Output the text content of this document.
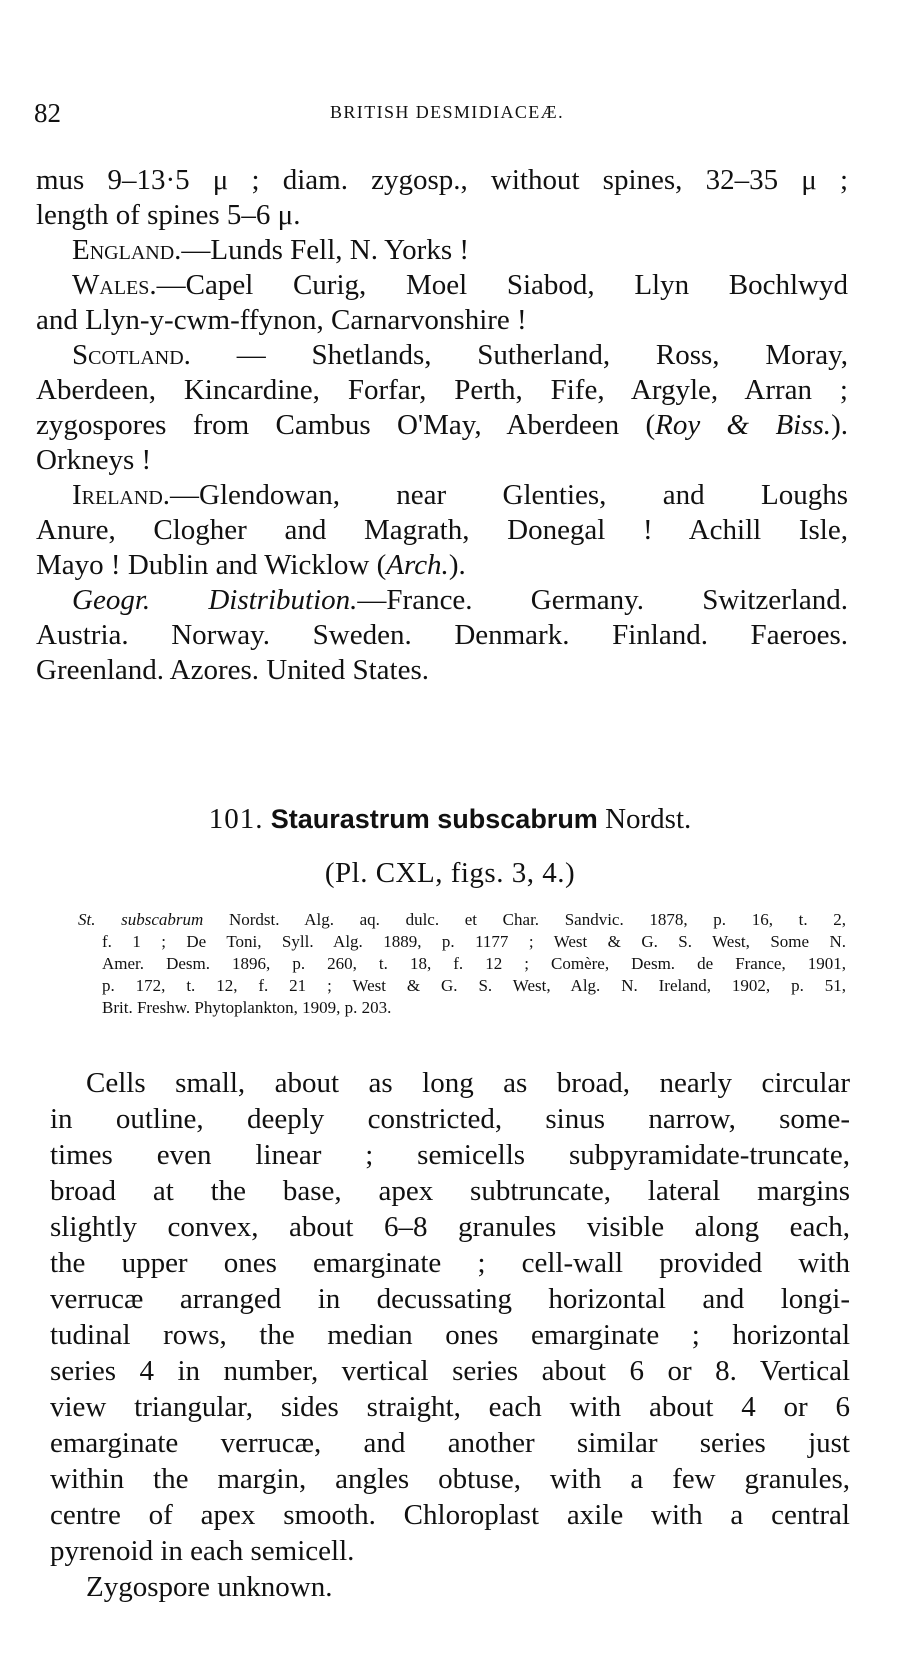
82	BRITISH DESMIDIACEÆ.
mus 9–13·5 μ ; diam. zygosp., without spines, 32–35 μ ;
length of spines 5–6 μ.
England.—Lunds Fell, N. Yorks !
Wales.—Capel Curig, Moel Siabod, Llyn Bochlwyd
and Llyn-y-cwm-ffynon, Carnarvonshire !
Scotland. — Shetlands, Sutherland, Ross, Moray,
Aberdeen, Kincardine, Forfar, Perth, Fife, Argyle, Arran ;
zygospores from Cambus O'May, Aberdeen (Roy & Biss.).
Orkneys !
Ireland.—Glendowan, near Glenties, and Loughs
Anure, Clogher and Magrath, Donegal ! Achill Isle,
Mayo ! Dublin and Wicklow (Arch.).
Geogr. Distribution.—France. Germany. Switzerland.
Austria. Norway. Sweden. Denmark. Finland. Faeroes.
Greenland. Azores. United States.
101. Staurastrum subscabrum Nordst.
(Pl. CXL, figs. 3, 4.)
St. subscabrum Nordst. Alg. aq. dulc. et Char. Sandvic. 1878, p. 16, t. 2,
f. 1 ; De Toni, Syll. Alg. 1889, p. 1177 ; West & G. S. West, Some N.
Amer. Desm. 1896, p. 260, t. 18, f. 12 ; Comère, Desm. de France, 1901,
p. 172, t. 12, f. 21 ; West & G. S. West, Alg. N. Ireland, 1902, p. 51,
Brit. Freshw. Phytoplankton, 1909, p. 203.
Cells small, about as long as broad, nearly circular
in outline, deeply constricted, sinus narrow, some-
times even linear ; semicells subpyramidate-truncate,
broad at the base, apex subtruncate, lateral margins
slightly convex, about 6–8 granules visible along each,
the upper ones emarginate ; cell-wall provided with
verrucæ arranged in decussating horizontal and longi-
tudinal rows, the median ones emarginate ; horizontal
series 4 in number, vertical series about 6 or 8. Vertical
view triangular, sides straight, each with about 4 or 6
emarginate verrucæ, and another similar series just
within the margin, angles obtuse, with a few granules,
centre of apex smooth. Chloroplast axile with a central
pyrenoid in each semicell.
Zygospore unknown.
